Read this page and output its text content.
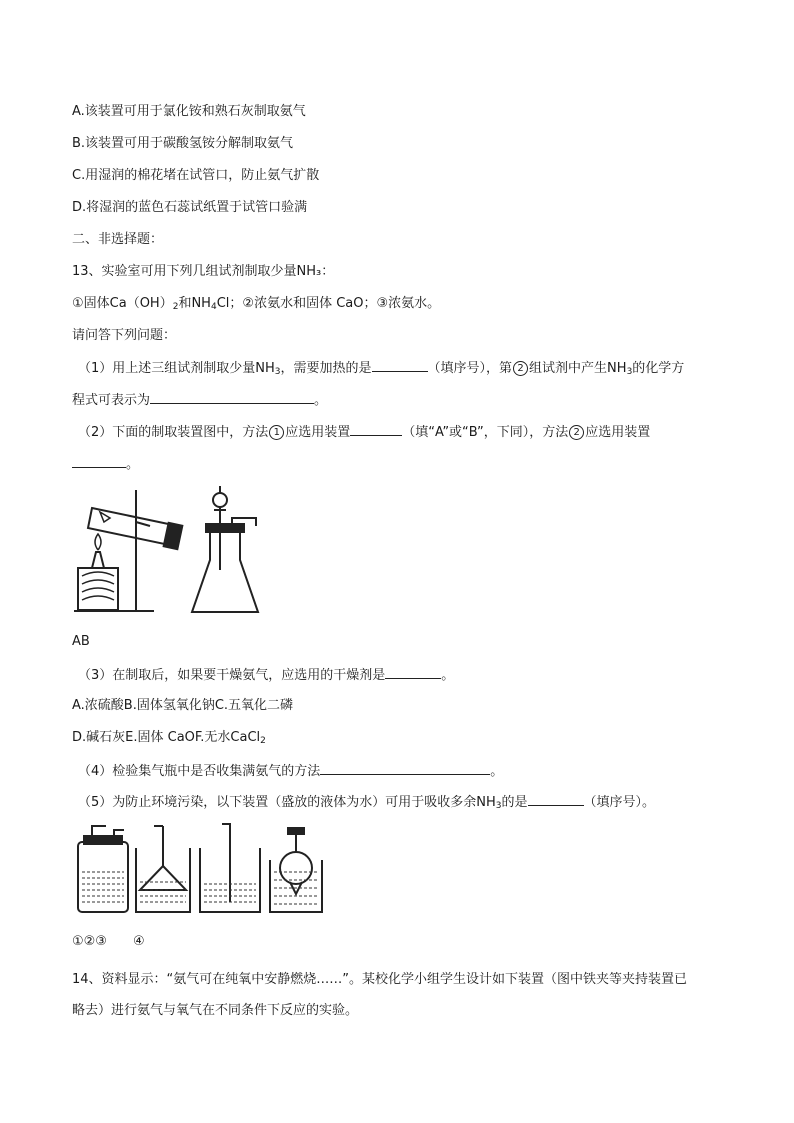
A.该装置可用于氯化铵和熟石灰制取氨气
B.该装置可用于碳酸氢铵分解制取氨气
C.用湿润的棉花堵在试管口，防止氨气扩散
D.将湿润的蓝色石蕊试纸置于试管口验满
二、非选择题：
13、实验室可用下列几组试剂制取少量NH₃：
①固体$Ca(OH)_2$和$NH_4Cl$；②浓氨水和固体 CaO；③浓氨水。
请问答下列问题：
（1）用上述三组试剂制取少量$NH_3$，需要加热的是	（填序号），第 2 组试剂中产生$NH_3$的化学方
程式可表示为	。
（2）下面的制取装置图中，方法 1 应选用装置	（填“A”或“B”，下同），方法 2 应选用装置
。
AB
（3）在制取后，如果要干燥氨气，应选用的干燥剂是	。
A.浓硫酸B.固体氢氧化钠C.五氧化二磷
D.碱石灰E.固体 CaOF.无水CaCl$_2$
（4）检验集气瓶中是否收集满氨气的方法	。
（5）为防止环境污染，以下装置（盛放的液体为水）可用于吸收多余$NH_3$的是	（填序号）。
①②③ ④
14、资料显示：“氨气可在纯氧中安静燃烧……”。某校化学小组学生设计如下装置（图中铁夹等夹持装置已
略去）进行氨气与氧气在不同条件下反应的实验。
